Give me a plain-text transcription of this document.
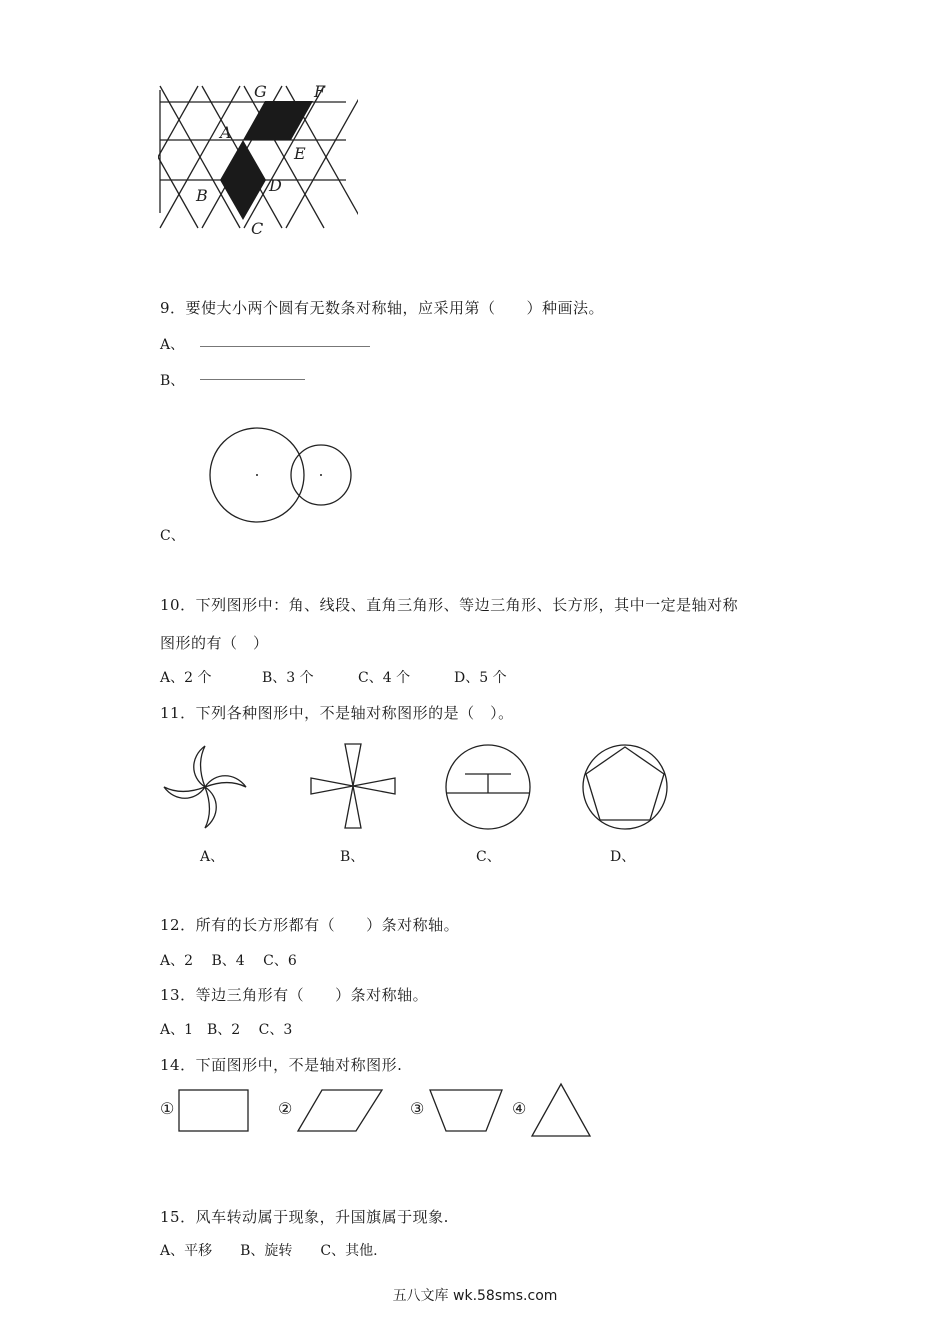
G	F
A
E
B
D
C
9．要使大小两个圆有无数条对称轴，应采用第（　　）种画法。
A、
B、
C、
10．下列图形中：角、线段、直角三角形、等边三角形、长方形，其中一定是轴对称
图形的有（　）
A、2 个	B、3 个	C、4 个	D、5 个
11．下列各种图形中，不是轴对称图形的是（　）。
A、	B、	C、	D、
12．所有的长方形都有（　　）条对称轴。
A、2　 B、4　 C、6
13．等边三角形有（　　）条对称轴。
A、1　B、2　 C、3
14．下面图形中，不是轴对称图形.
①	②	③	④
15．风车转动属于现象，升国旗属于现象.
A、平移　　B、旋转　　C、其他.
五八文库 wk.58sms.com
